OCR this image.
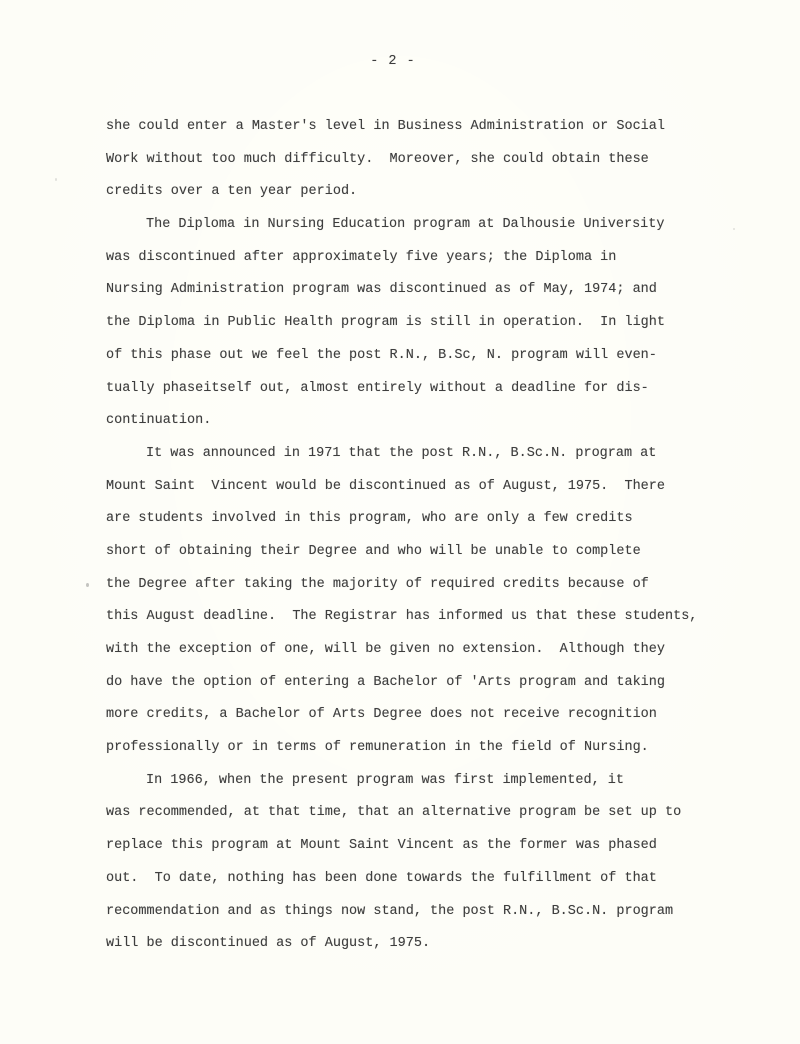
- 2 -
she could enter a Master's level in Business Administration or Social
Work without too much difficulty.  Moreover, she could obtain these
credits over a ten year period.
The Diploma in Nursing Education program at Dalhousie University
was discontinued after approximately five years; the Diploma in
Nursing Administration program was discontinued as of May, 1974; and
the Diploma in Public Health program is still in operation.  In light
of this phase out we feel the post R.N., B.Sc, N. program will even-
tually phaseitself out, almost entirely without a deadline for dis-
continuation.
It was announced in 1971 that the post R.N., B.Sc.N. program at
Mount Saint  Vincent would be discontinued as of August, 1975.  There
are students involved in this program, who are only a few credits
short of obtaining their Degree and who will be unable to complete
the Degree after taking the majority of required credits because of
this August deadline.  The Registrar has informed us that these students,
with the exception of one, will be given no extension.  Although they
do have the option of entering a Bachelor of 'Arts program and taking
more credits, a Bachelor of Arts Degree does not receive recognition
professionally or in terms of remuneration in the field of Nursing.
In 1966, when the present program was first implemented, it
was recommended, at that time, that an alternative program be set up to
replace this program at Mount Saint Vincent as the former was phased
out.  To date, nothing has been done towards the fulfillment of that
recommendation and as things now stand, the post R.N., B.Sc.N. program
will be discontinued as of August, 1975.
